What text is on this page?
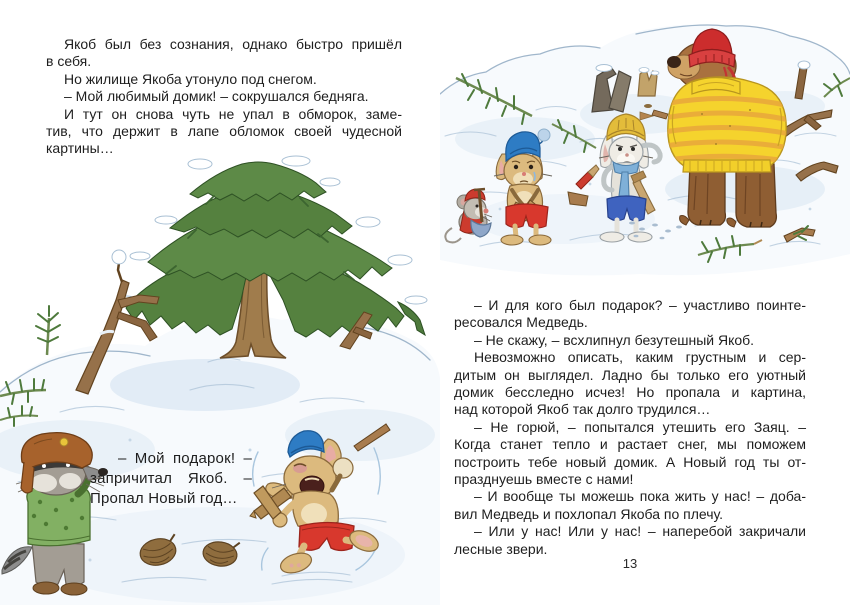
Якоб был без сознания, однако быстро пришёл
в себя.
Но жилище Якоба утонуло под снегом.
– Мой любимый домик! – сокрушался бедняга.
И тут он снова чуть не упал в обморок, заме-
тив, что держит в лапе обломок своей чудесной
картины…
– Мой подарок! –
запричитал Якоб. –
Пропал Новый год…
– И для кого был подарок? – участливо поинте-
ресовался Медведь.
– Не скажу, – всхлипнул безутешный Якоб.
Невозможно описать, каким грустным и сер-
дитым он выглядел. Ладно бы только его уютный
домик бесследно исчез! Но пропала и картина,
над которой Якоб так долго трудился…
– Не горюй, – попытался утешить его Заяц. –
Когда станет тепло и растает снег, мы поможем
построить тебе новый домик. А Новый год ты от-
празднуешь вместе с нами!
– И вообще ты можешь пока жить у нас! – доба-
вил Медведь и похлопал Якоба по плечу.
– Или у нас! Или у нас! – наперебой закричали
лесные звери.
13
